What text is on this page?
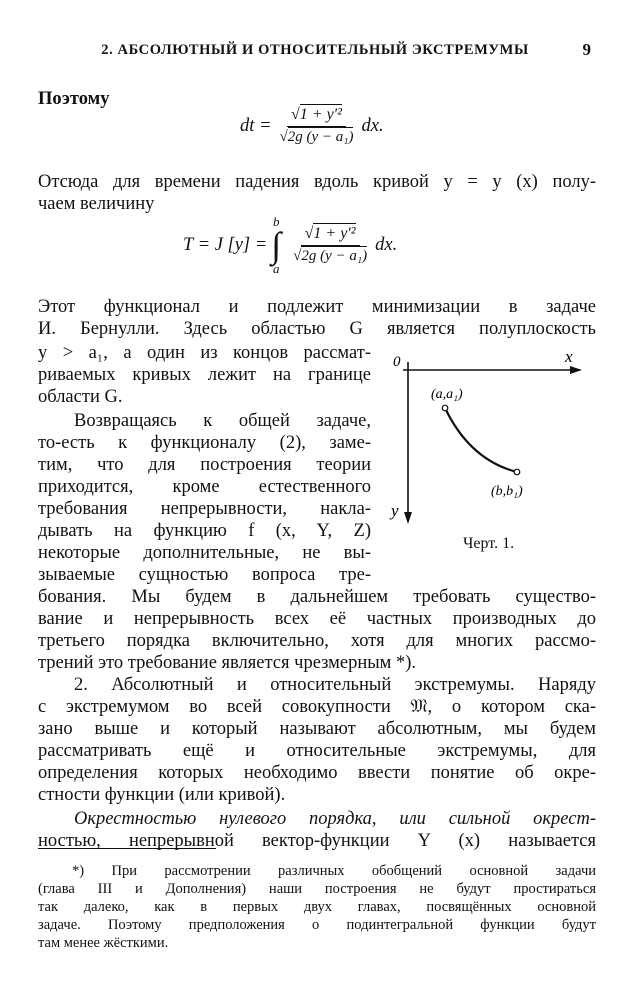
2. АБСОЛЮТНЫЙ И ОТНОСИТЕЛЬНЫЙ ЭКСТРЕМУМЫ	9
Поэтому
dt = $\frac{\text{√1 + y′²}}{\text{√2g (y − a₁)}}$ dx.
Отсюда для времени падения вдоль кривой y = y (x) полу-
чаем величину
T = J [y] =
b
∫
a
$\frac{\text{√1 + y′²}}{\text{√2g (y − a₁)}}$ dx.
Этот функционал и подлежит минимизации в задаче
И. Бернулли. Здесь областью G является полуплоскость
y > a₁, а один из концов рассмат-
риваемых кривых лежит на границе
области G.
Возвращаясь к общей задаче,
то-есть к функционалу (2), заме-
тим, что для построения теории
приходится, кроме естественного
требования непрерывности, накла-
дывать на функцию f (x, Y, Z)
некоторые дополнительные, не вы-
зываемые сущностью вопроса тре-
бования. Мы будем в дальнейшем требовать существо-
вание и непрерывность всех её частных производных до
третьего порядка включительно, хотя для многих рассмо-
трений это требование является чрезмерным *).
2. Абсолютный и относительный экстремумы. Наряду
с экстремумом во всей совокупности 𝔐, о котором ска-
зано выше и который называют абсолютным, мы будем
рассматривать ещё и относительные экстремумы, для
определения которых необходимо ввести понятие об окре-
стности функции (или кривой).
Окрестностью нулевого порядка, или сильной окрест-
ностью, непрерывной вектор-функции Y (x) называется
0	x
y
(a,a₁)
(b,b₁)
Черт. 1.
*) При рассмотрении различных обобщений основной задачи
(глава III и Дополнения) наши построения не будут простираться
так далеко, как в первых двух главах, посвящённых основной
задаче. Поэтому предположения о подинтегральной функции будут
там менее жёсткими.
